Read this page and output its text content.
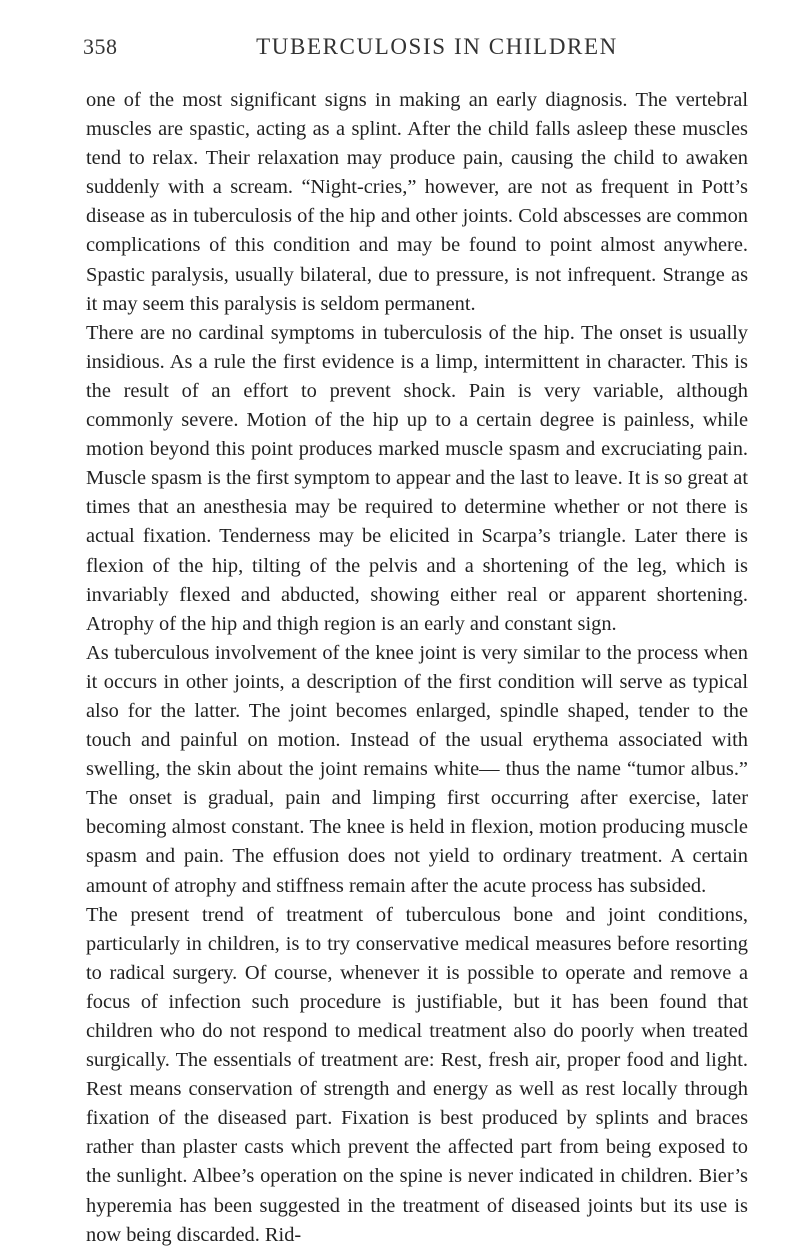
358	TUBERCULOSIS IN CHILDREN

one of the most significant signs in making an early diagnosis. The vertebral muscles are spastic, acting as a splint. After the child falls asleep these muscles tend to relax. Their relaxation may produce pain, causing the child to awaken suddenly with a scream. “Night-cries,” however, are not as frequent in Pott’s disease as in tuberculosis of the hip and other joints. Cold abscesses are common complications of this condition and may be found to point almost anywhere. Spastic paralysis, usually bilateral, due to pressure, is not infrequent. Strange as it may seem this paralysis is seldom permanent.

There are no cardinal symptoms in tuberculosis of the hip. The onset is usually insidious. As a rule the first evidence is a limp, intermittent in character. This is the result of an effort to prevent shock. Pain is very variable, although commonly severe. Motion of the hip up to a certain degree is painless, while motion beyond this point produces marked muscle spasm and excruciating pain. Muscle spasm is the first symptom to appear and the last to leave. It is so great at times that an anesthesia may be required to determine whether or not there is actual fixation. Tenderness may be elicited in Scarpa’s triangle. Later there is flexion of the hip, tilting of the pelvis and a shortening of the leg, which is invariably flexed and abducted, showing either real or apparent shortening. Atrophy of the hip and thigh region is an early and constant sign.

As tuberculous involvement of the knee joint is very similar to the process when it occurs in other joints, a description of the first condition will serve as typical also for the latter. The joint becomes enlarged, spindle shaped, tender to the touch and painful on motion. Instead of the usual erythema associated with swelling, the skin about the joint remains white— thus the name “tumor albus.” The onset is gradual, pain and limping first occurring after exercise, later becoming almost constant. The knee is held in flexion, motion producing muscle spasm and pain. The effusion does not yield to ordinary treatment. A certain amount of atrophy and stiffness remain after the acute process has subsided.

The present trend of treatment of tuberculous bone and joint conditions, particularly in children, is to try conservative medical measures before resorting to radical surgery. Of course, whenever it is possible to operate and remove a focus of infection such procedure is justifiable, but it has been found that children who do not respond to medical treatment also do poorly when treated surgically. The essentials of treatment are: Rest, fresh air, proper food and light. Rest means conservation of strength and energy as well as rest locally through fixation of the diseased part. Fixation is best produced by splints and braces rather than plaster casts which prevent the affected part from being exposed to the sunlight. Albee’s operation on the spine is never indicated in children. Bier’s hyperemia has been suggested in the treatment of diseased joints but its use is now being discarded. Rid-
